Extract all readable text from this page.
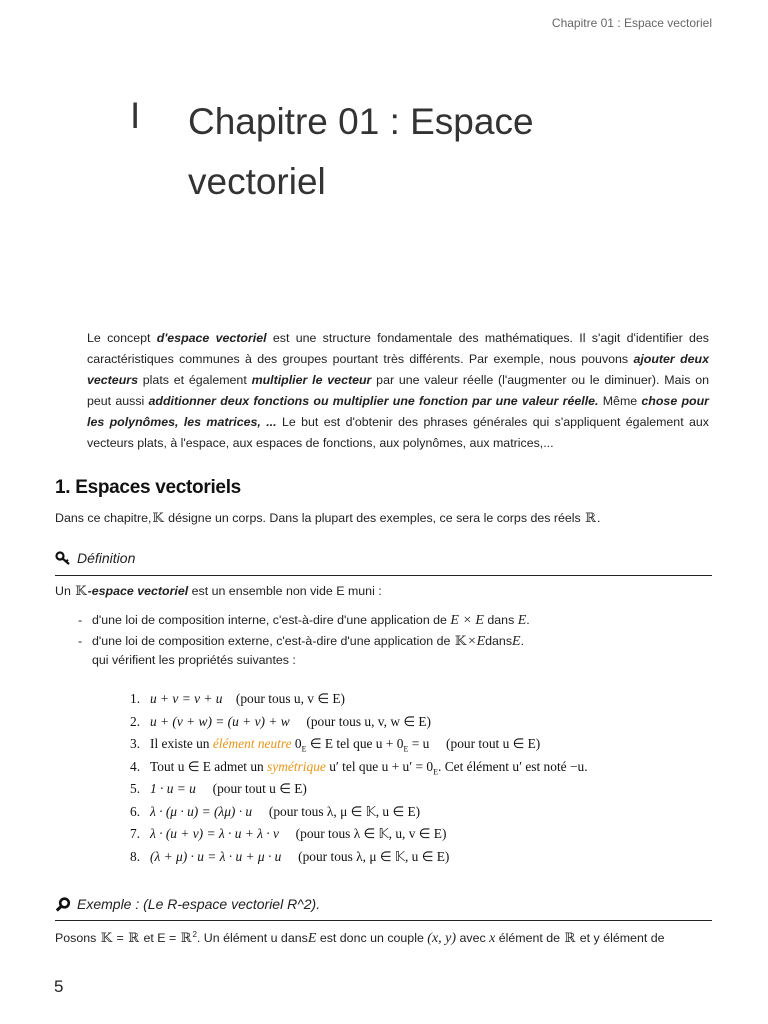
Chapitre 01 : Espace vectoriel
I Chapitre 01 : Espace vectoriel

Le concept d'espace vectoriel est une structure fondamentale des mathématiques. Il s'agit d'identifier des caractéristiques communes à des groupes pourtant très différents. Par exemple, nous pouvons ajouter deux vecteurs plats et également multiplier le vecteur par une valeur réelle (l'augmenter ou le diminuer). Mais on peut aussi additionner deux fonctions ou multiplier une fonction par une valeur réelle. Même chose pour les polynômes, les matrices, ... Le but est d'obtenir des phrases générales qui s'appliquent également aux vecteurs plats, à l'espace, aux espaces de fonctions, aux polynômes, aux matrices,...

1. Espaces vectoriels
Dans ce chapitre,𝕂 désigne un corps. Dans la plupart des exemples, ce sera le corps des réels ℝ.
Définition
Un 𝕂-espace vectoriel est un ensemble non vide E muni :
- d'une loi de composition interne, c'est-à-dire d'une application de E × E dans E.
- d'une loi de composition externe, c'est-à-dire d'une application de 𝕂×EdansE.
qui vérifient les propriétés suivantes :
1. u + v = v + u (pour tous u, v ∈ E)
2. u + (v + w) = (u + v) + w (pour tous u, v, w ∈ E)
3. Il existe un élément neutre $0_E$ ∈ E tel que $u + 0_E = u$ (pour tout u ∈ E)
4. Tout u ∈ E admet un symétrique u′ tel que $u + u' = 0_E$. Cet élément u′ est noté −u.
5. 1 · u = u (pour tout u ∈ E)
6. λ · (μ · u) = (λμ) · u (pour tous λ, μ ∈ 𝕂, u ∈ E)
7. λ · (u + v) = λ · u + λ · v (pour tous λ ∈ 𝕂, u, v ∈ E)
8. (λ + μ) · u = λ · u + μ · u (pour tous λ, μ ∈ 𝕂, u ∈ E)
Exemple : (Le R-espace vectoriel R^2).
Posons 𝕂 = ℝ et E = ℝ$^2$. Un élément u dansE est donc un couple (x, y) avec x élément de ℝ et y élément de
5
